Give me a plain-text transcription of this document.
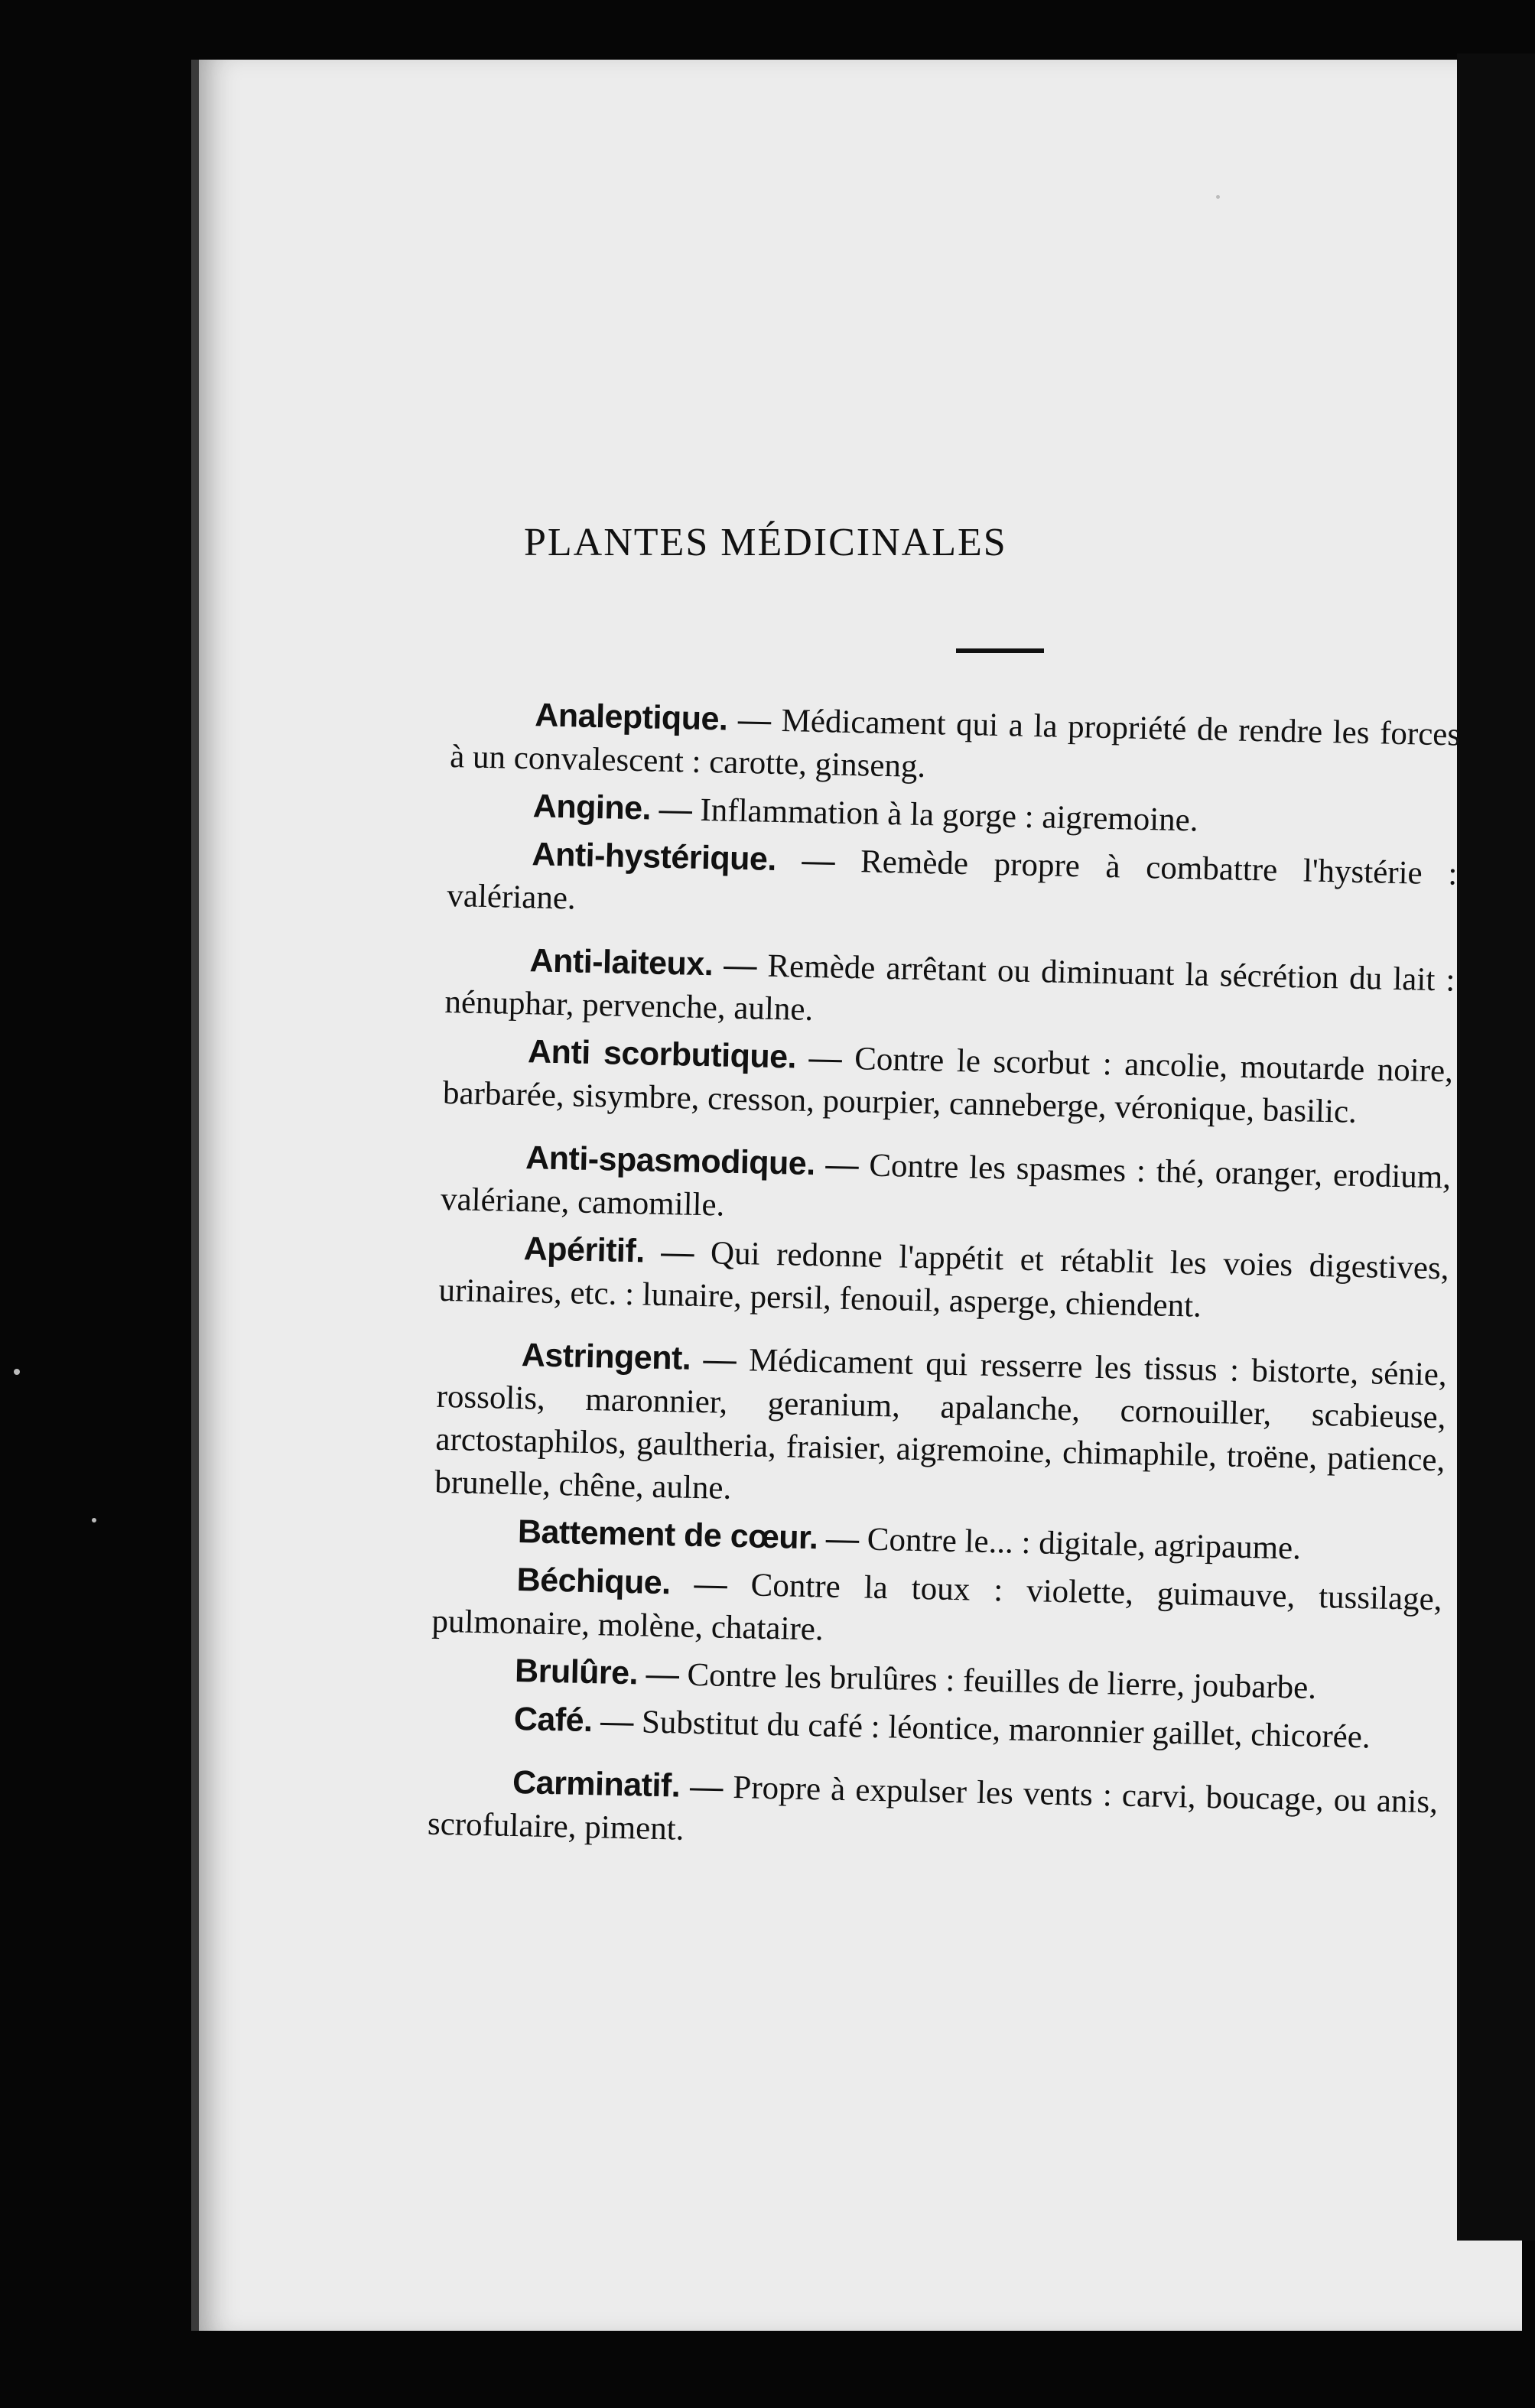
PLANTES MÉDICINALES

Analeptique. — Médicament qui a la propriété de rendre les forces à un convalescent : carotte, ginseng.

Angine. — Inflammation à la gorge : aigremoine.

Anti-hystérique. — Remède propre à combattre l'hystérie : valériane.

Anti-laiteux. — Remède arrêtant ou diminuant la sécrétion du lait : nénuphar, pervenche, aulne.

Anti scorbutique. — Contre le scorbut : ancolie, moutarde noire, barbarée, sisymbre, cresson, pourpier, canneberge, véronique, basilic.

Anti-spasmodique. — Contre les spasmes : thé, oranger, erodium, valériane, camomille.

Apéritif. — Qui redonne l'appétit et rétablit les voies digestives, urinaires, etc. : lunaire, persil, fenouil, asperge, chiendent.

Astringent. — Médicament qui resserre les tissus : bistorte, sénie, rossolis, maronnier, geranium, apalanche, cornouiller, scabieuse, arctostaphilos, gaultheria, fraisier, aigremoine, chimaphile, troëne, patience, brunelle, chêne, aulne.

Battement de cœur. — Contre le... : digitale, agripaume.

Béchique. — Contre la toux : violette, guimauve, tussilage, pulmonaire, molène, chataire.

Brulûre. — Contre les brulûres : feuilles de lierre, joubarbe.

Café. — Substitut du café : léontice, maronnier gaillet, chicorée.

Carminatif. — Propre à expulser les vents : carvi, boucage, ou anis, scrofulaire, piment.
